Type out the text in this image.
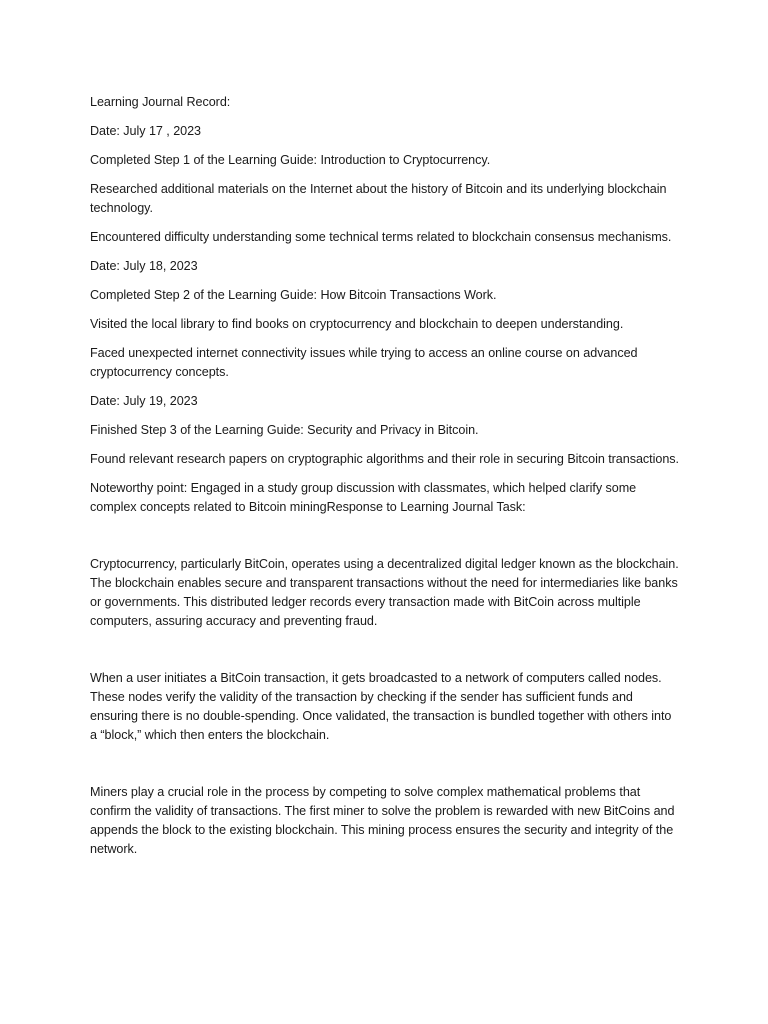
Learning Journal Record:

Date: July 17 , 2023

Completed Step 1 of the Learning Guide: Introduction to Cryptocurrency.

Researched additional materials on the Internet about the history of Bitcoin and its underlying blockchain technology.

Encountered difficulty understanding some technical terms related to blockchain consensus mechanisms.

Date: July 18, 2023

Completed Step 2 of the Learning Guide: How Bitcoin Transactions Work.

Visited the local library to find books on cryptocurrency and blockchain to deepen understanding.

Faced unexpected internet connectivity issues while trying to access an online course on advanced cryptocurrency concepts.

Date: July 19, 2023

Finished Step 3 of the Learning Guide: Security and Privacy in Bitcoin.

Found relevant research papers on cryptographic algorithms and their role in securing Bitcoin transactions.

Noteworthy point: Engaged in a study group discussion with classmates, which helped clarify some complex concepts related to Bitcoin miningResponse to Learning Journal Task:

Cryptocurrency, particularly BitCoin, operates using a decentralized digital ledger known as the blockchain. The blockchain enables secure and transparent transactions without the need for intermediaries like banks or governments. This distributed ledger records every transaction made with BitCoin across multiple computers, assuring accuracy and preventing fraud.

When a user initiates a BitCoin transaction, it gets broadcasted to a network of computers called nodes. These nodes verify the validity of the transaction by checking if the sender has sufficient funds and ensuring there is no double-spending. Once validated, the transaction is bundled together with others into a “block,” which then enters the blockchain.

Miners play a crucial role in the process by competing to solve complex mathematical problems that confirm the validity of transactions. The first miner to solve the problem is rewarded with new BitCoins and appends the block to the existing blockchain. This mining process ensures the security and integrity of the network.
